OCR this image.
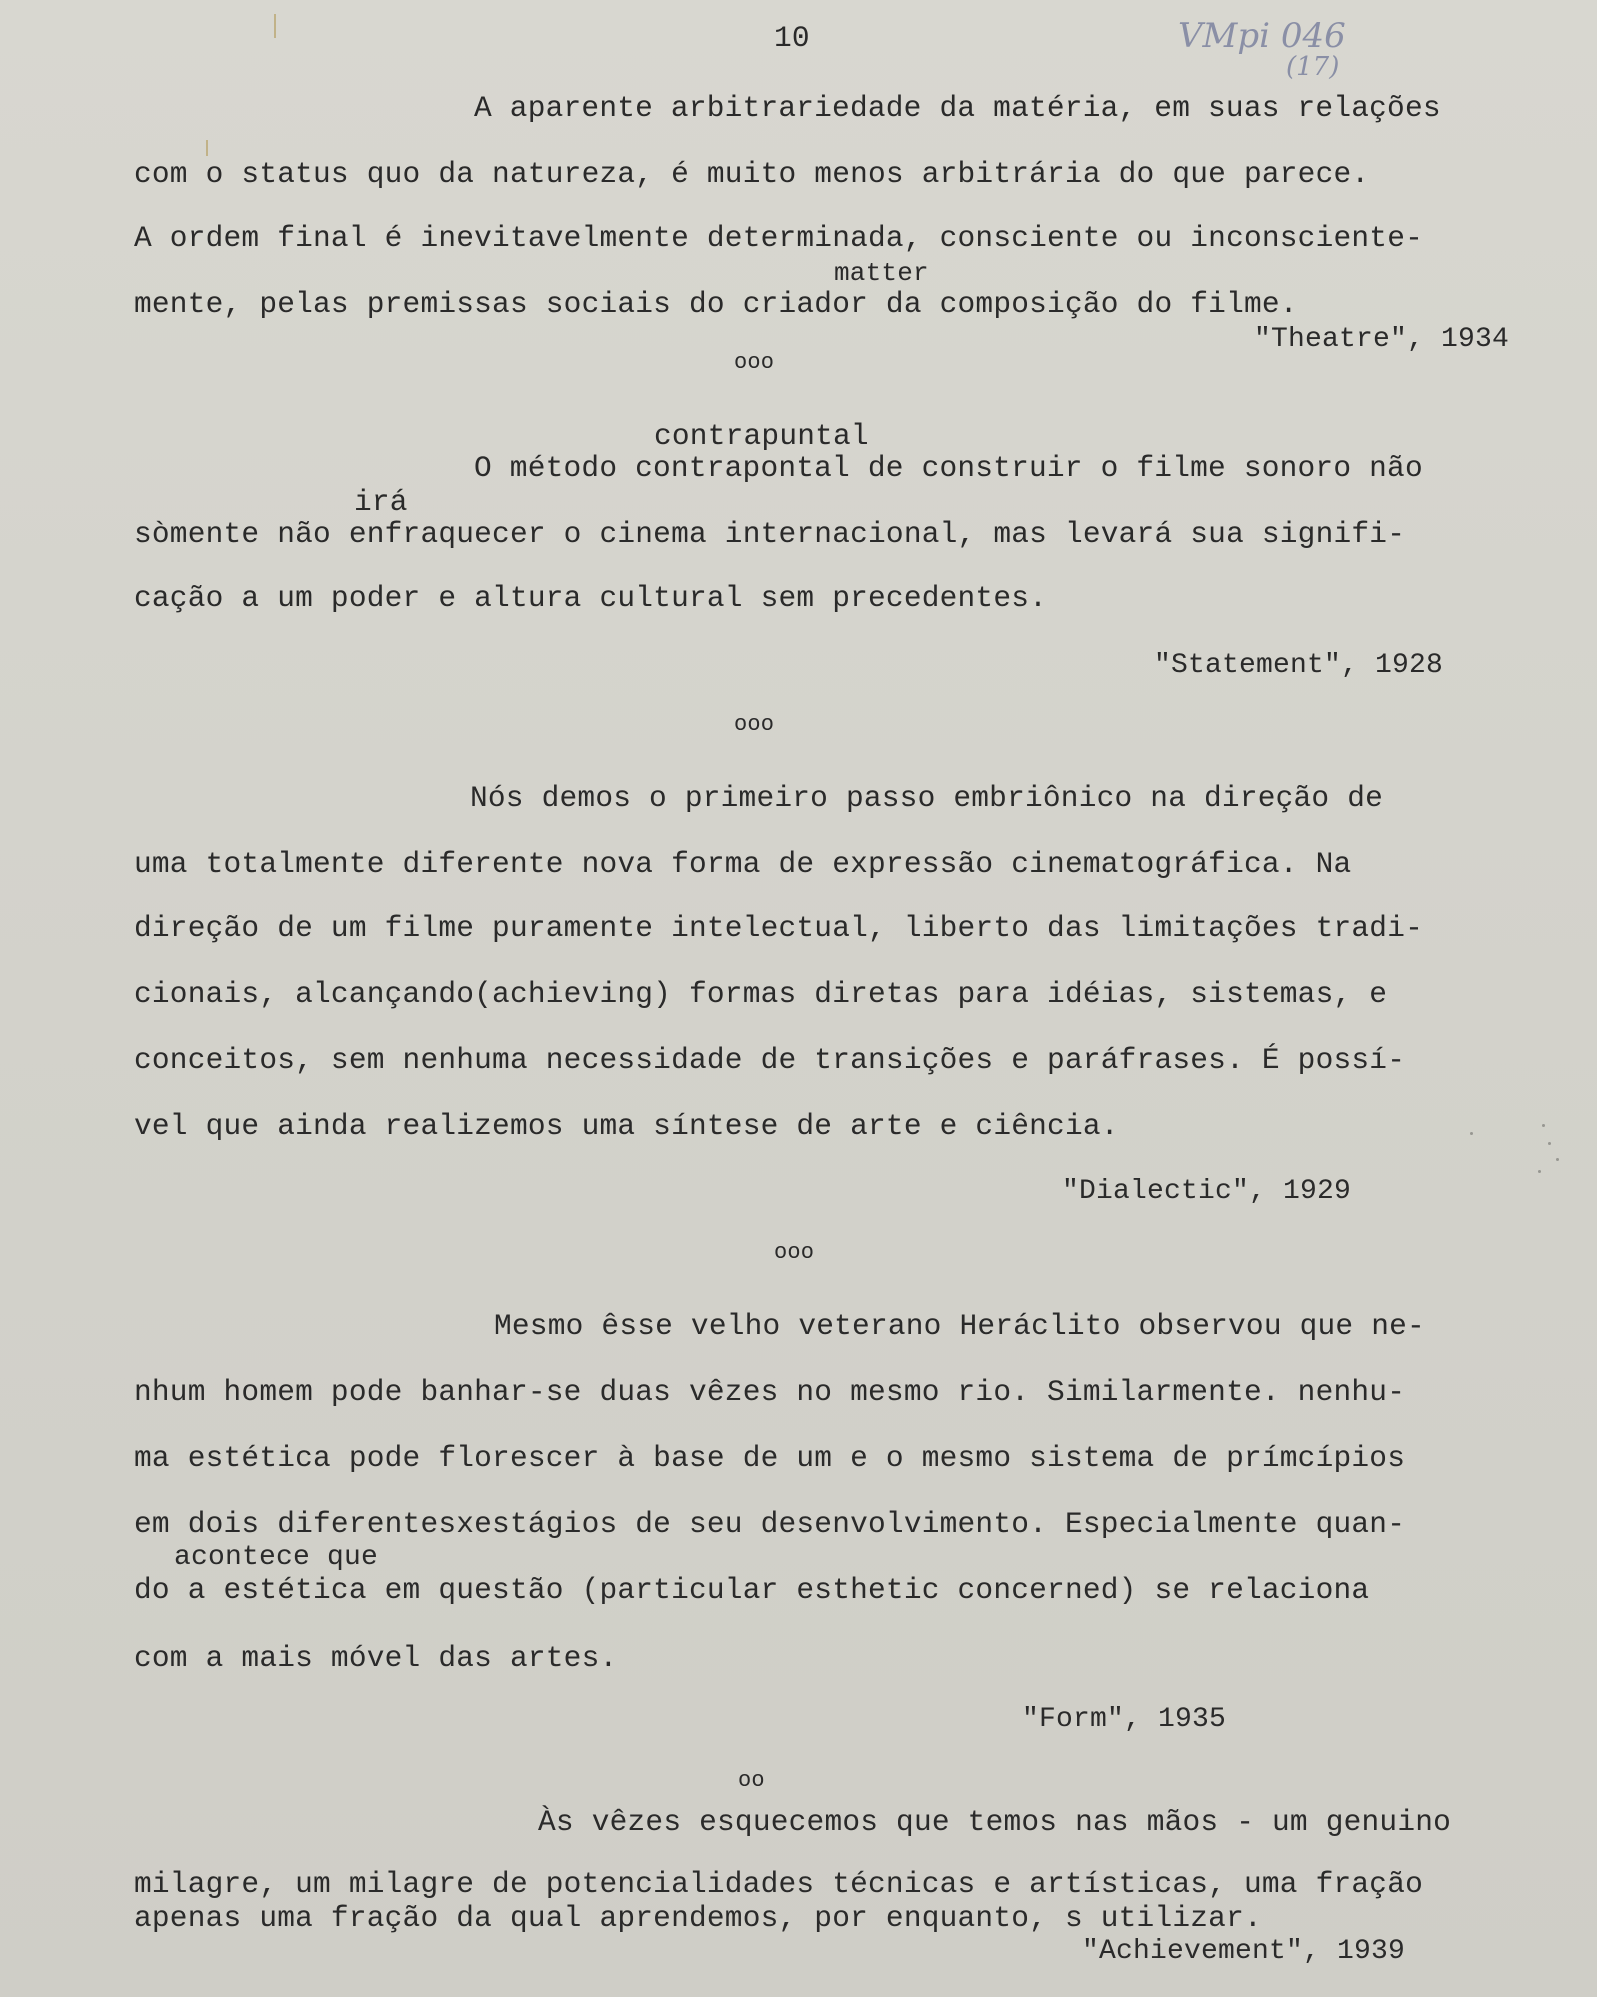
10	VMpi 046
(17)
A aparente arbitrariedade da matéria, em suas relações
com o status quo da natureza, é muito menos arbitrária do que parece.
A ordem final é inevitavelmente determinada, consciente ou inconsciente-
matter
mente, pelas premissas sociais do criador da composição do filme.
"Theatre", 1934
ooo
contrapuntal
O método contrapontal de construir o filme sonoro não
irá
sòmente não enfraquecer o cinema internacional, mas levará sua signifi-
cação a um poder e altura cultural sem precedentes.
"Statement", 1928
ooo
Nós demos o primeiro passo embriônico na direção de
uma totalmente diferente nova forma de expressão cinematográfica. Na
direção de um filme puramente intelectual, liberto das limitações tradi-
cionais, alcançando(achieving) formas diretas para idéias, sistemas, e
conceitos, sem nenhuma necessidade de transições e paráfrases. É possí-
vel que ainda realizemos uma síntese de arte e ciência.
"Dialectic", 1929
ooo
Mesmo êsse velho veterano Heráclito observou que ne-
nhum homem pode banhar-se duas vêzes no mesmo rio. Similarmente. nenhu-
ma estética pode florescer à base de um e o mesmo sistema de prímcípios
em dois diferentesxestágios de seu desenvolvimento. Especialmente quan-
acontece que
do a estética em questão (particular esthetic concerned) se relaciona
com a mais móvel das artes.
"Form", 1935
oo
Às vêzes esquecemos que temos nas mãos - um genuino
milagre, um milagre de potencialidades técnicas e artísticas, uma fração
apenas uma fração da qual aprendemos, por enquanto, s utilizar.
"Achievement", 1939
